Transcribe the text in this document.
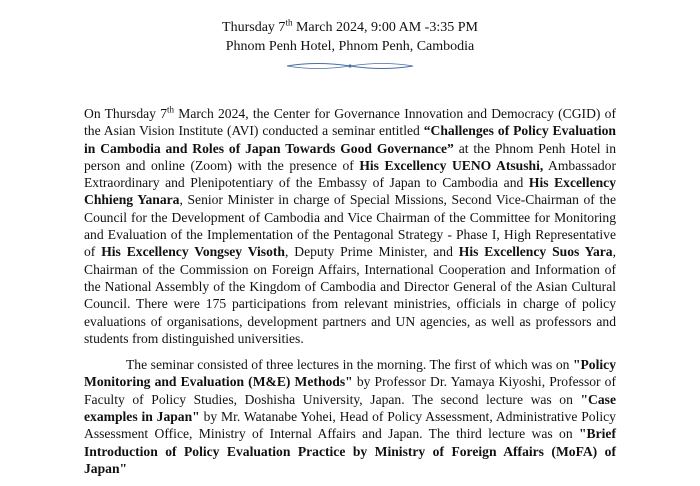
Thursday 7th March 2024, 9:00 AM -3:35 PM
Phnom Penh Hotel, Phnom Penh, Cambodia

On Thursday 7th March 2024, the Center for Governance Innovation and Democracy (CGID) of the Asian Vision Institute (AVI) conducted a seminar entitled “Challenges of Policy Evaluation in Cambodia and Roles of Japan Towards Good Governance” at the Phnom Penh Hotel in person and online (Zoom) with the presence of His Excellency UENO Atsushi, Ambassador Extraordinary and Plenipotentiary of the Embassy of Japan to Cambodia and His Excellency Chhieng Yanara, Senior Minister in charge of Special Missions, Second Vice-Chairman of the Council for the Development of Cambodia and Vice Chairman of the Committee for Monitoring and Evaluation of the Implementation of the Pentagonal Strategy - Phase I, High Representative of His Excellency Vongsey Visoth, Deputy Prime Minister, and His Excellency Suos Yara, Chairman of the Commission on Foreign Affairs, International Cooperation and Information of the National Assembly of the Kingdom of Cambodia and Director General of the Asian Cultural Council. There were 175 participations from relevant ministries, officials in charge of policy evaluations of organisations, development partners and UN agencies, as well as professors and students from distinguished universities.

The seminar consisted of three lectures in the morning. The first of which was on "Policy Monitoring and Evaluation (M&E) Methods" by Professor Dr. Yamaya Kiyoshi, Professor of Faculty of Policy Studies, Doshisha University, Japan. The second lecture was on "Case examples in Japan" by Mr. Watanabe Yohei, Head of Policy Assessment, Administrative Policy Assessment Office, Ministry of Internal Affairs and Japan. The third lecture was on "Brief Introduction of Policy Evaluation Practice by Ministry of Foreign Affairs (MoFA) of Japan"
